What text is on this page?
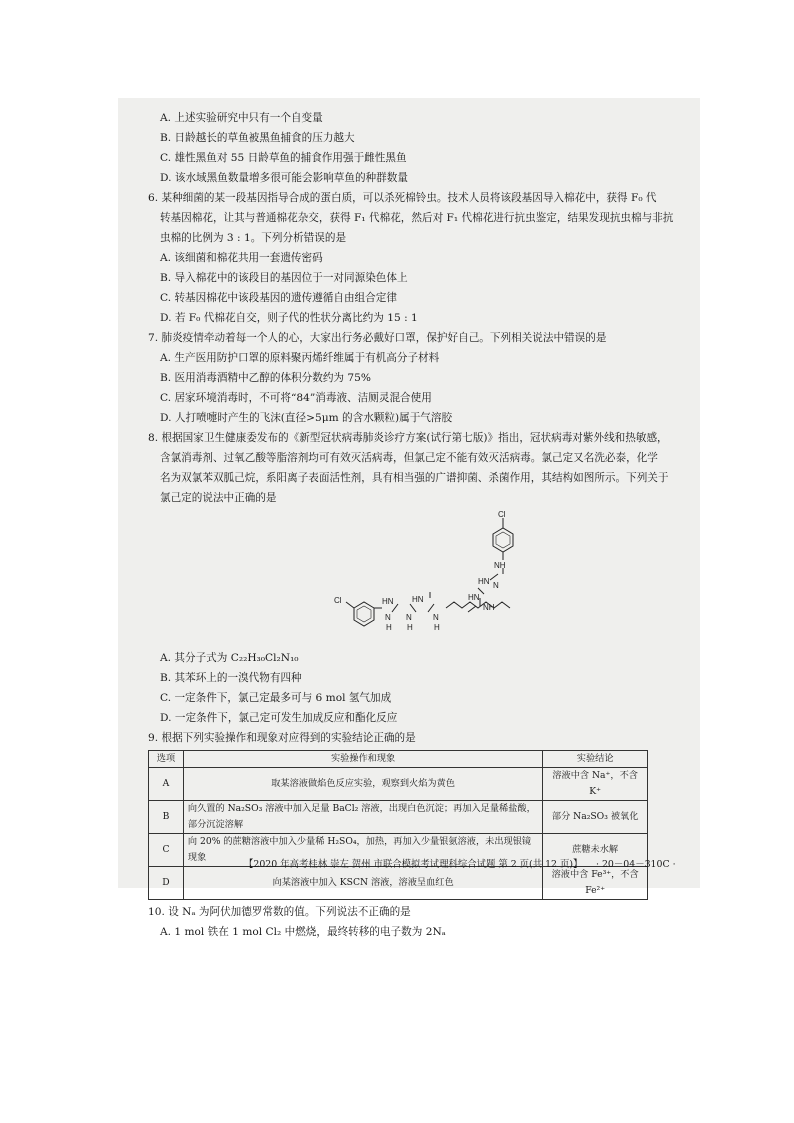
A. 上述实验研究中只有一个自变量
B. 日龄越长的草鱼被黑鱼捕食的压力越大
C. 雄性黑鱼对 55 日龄草鱼的捕食作用强于雌性黑鱼
D. 该水域黑鱼数量增多很可能会影响草鱼的种群数量
6. 某种细菌的某一段基因指导合成的蛋白质，可以杀死棉铃虫。技术人员将该段基因导入棉花中，获得 F₀ 代
转基因棉花，让其与普通棉花杂交，获得 F₁ 代棉花，然后对 F₁ 代棉花进行抗虫鉴定，结果发现抗虫棉与非抗
虫棉的比例为 3 : 1。下列分析错误的是
A. 该细菌和棉花共用一套遗传密码
B. 导入棉花中的该段目的基因位于一对同源染色体上
C. 转基因棉花中该段基因的遗传遵循自由组合定律
D. 若 F₀ 代棉花自交，则子代的性状分离比约为 15 : 1
7. 肺炎疫情牵动着每一个人的心，大家出行务必戴好口罩，保护好自己。下列相关说法中错误的是
A. 生产医用防护口罩的原料聚丙烯纤维属于有机高分子材料
B. 医用消毒酒精中乙醇的体积分数约为 75%
C. 居家环境消毒时，不可将“84”消毒液、洁厕灵混合使用
D. 人打喷嚏时产生的飞沫(直径>5μm 的含水颗粒)属于气溶胶
8. 根据国家卫生健康委发布的《新型冠状病毒肺炎诊疗方案(试行第七版)》指出，冠状病毒对紫外线和热敏感，
含氯消毒剂、过氧乙酸等脂溶剂均可有效灭活病毒，但氯己定不能有效灭活病毒。氯己定又名洗必泰，化学
名为双氯苯双胍己烷，系阳离子表面活性剂，具有相当强的广谱抑菌、杀菌作用，其结构如图所示。下列关于
氯己定的说法中正确的是
Cl
Cl
NH
HN N
HN
NH
HN HN
N
H
N
H
N
H
A. 其分子式为 C₂₂H₃₀Cl₂N₁₀
B. 其苯环上的一溴代物有四种
C. 一定条件下，氯己定最多可与 6 mol 氢气加成
D. 一定条件下，氯己定可发生加成反应和酯化反应
9. 根据下列实验操作和现象对应得到的实验结论正确的是
选项	实验操作和现象	实验结论
A	取某溶液做焰色反应实验，观察到火焰为黄色	溶液中含 Na⁺，不含 K⁺
B	向久置的 Na₂SO₃ 溶液中加入足量 BaCl₂ 溶液，出现白色沉淀；再加入足量稀盐酸，部分沉淀溶解	部分 Na₂SO₃ 被氧化
C	向 20% 的蔗糖溶液中加入少量稀 H₂SO₄，加热，再加入少量银氨溶液，未出现银镜现象	蔗糖未水解
D	向某溶液中加入 KSCN 溶液，溶液呈血红色	溶液中含 Fe³⁺，不含 Fe²⁺
10. 设 Nₐ 为阿伏加德罗常数的值。下列说法不正确的是
A. 1 mol 铁在 1 mol Cl₂ 中燃烧，最终转移的电子数为 2Nₐ
【2020 年高考桂林 崇左 贺州 市联合模拟考试理科综合试题 第 2 页(共 12 页)】 · 20－04－310C ·
